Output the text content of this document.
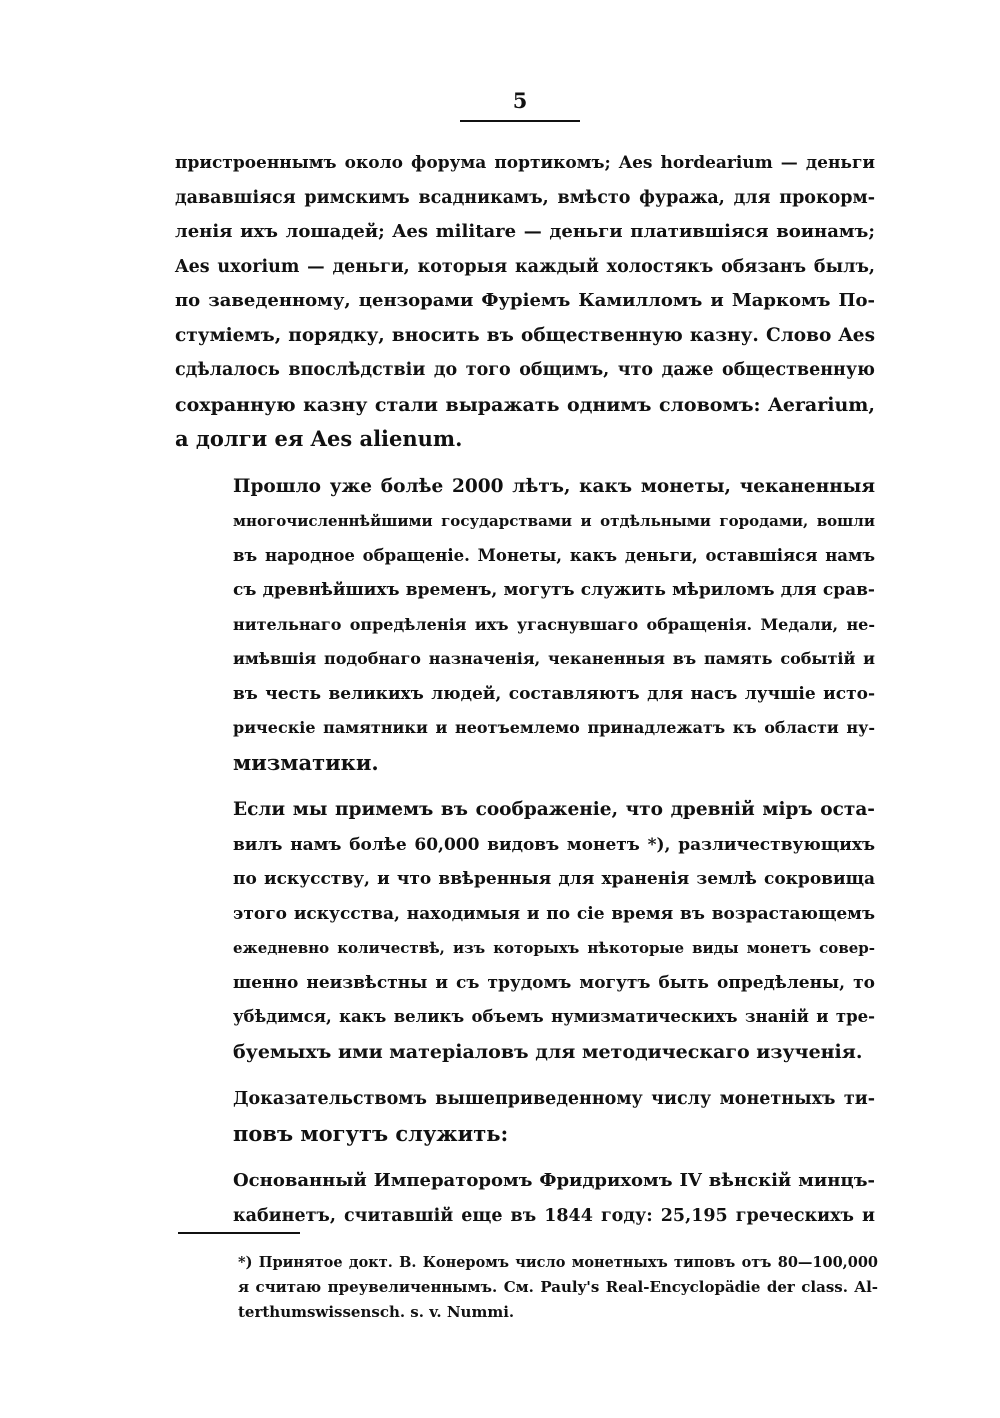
5

пристроеннымъ около форума портикомъ; Aes hordearium — деньги
дававшiяся римскимъ всадникамъ, вмѣсто фуража, для прокорм-
ленiя ихъ лошадей; Aes militare — деньги платившiяся воинамъ;
Aes uxorium — деньги, которыя каждый холостякъ обязанъ былъ,
по заведенному, цензорами Фурiемъ Камилломъ и Маркомъ По-
стумiемъ, порядку, вносить въ общественную казну. Слово Aes
сдѣлалось впослѣдствiи до того общимъ, что даже общественную
сохранную казну стали выражать однимъ словомъ: Aerarium,
а долги ея Aes alienum.

Прошло уже болѣе 2000 лѣтъ, какъ монеты, чеканенныя
многочисленнѣйшими государствами и отдѣльными городами, вошли
въ народное обращенiе. Монеты, какъ деньги, оставшiяся намъ
съ древнѣйшихъ временъ, могутъ служить мѣриломъ для срав-
нительнаго опредѣленiя ихъ угаснувшаго обращенiя. Медали, не-
имѣвшiя подобнаго назначенiя, чеканенныя въ память событiй и
въ честь великихъ людей, составляютъ для насъ лучшiе истo-
рическiе памятники и неотъемлемо принадлежатъ къ области ну-
мизматики.

Если мы примемъ въ соображенiе, что древнiй мiръ оста-
вилъ намъ болѣе 60,000 видовъ монетъ *), различествующихъ
по искусству, и что ввѣренныя для храненiя землѣ сокровища
этого искусства, находимыя и по сiе время въ возрастающемъ
ежедневно количествѣ, изъ которыхъ нѣкоторые виды монетъ совер-
шенно неизвѣстны и съ трудомъ могутъ быть опредѣлены, то
убѣдимся, какъ великъ объемъ нумизматическихъ знанiй и тре-
буемыхъ ими матерiаловъ для методическаго изученiя.

Доказательствомъ вышеприведенному числу монетныхъ ти-
повъ могутъ служить:

Основанный Императоромъ Фридрихомъ IV вѣнскiй минцъ-
кабинетъ, считавшiй еще въ 1844 году: 25,195 греческихъ и

*) Принятое докт. В. Конеромъ число монетныхъ типовъ отъ 80—100,000
я считаю преувеличеннымъ. См. Pauly's Real-Encyclopädie der class. Al-
terthumswissensch. s. v. Nummi.
